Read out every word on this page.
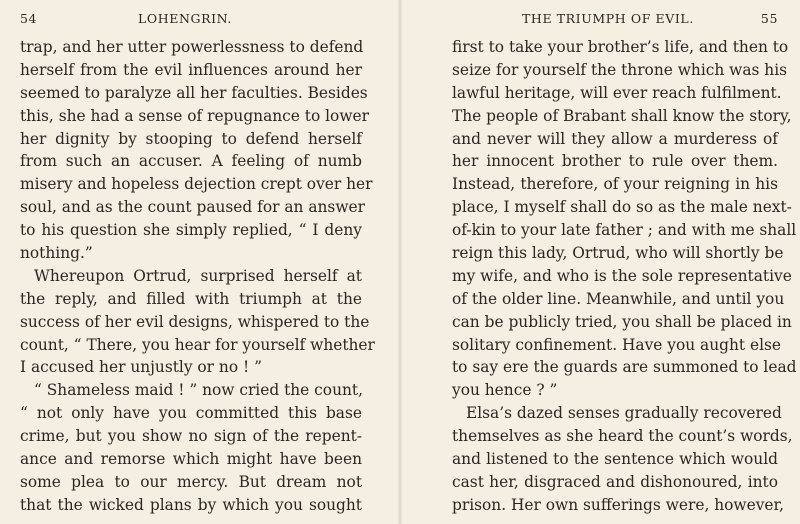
54	LOHENGRIN.
trap, and her utter powerlessness to defend
herself from the evil influences around her
seemed to paralyze all her faculties. Besides
this, she had a sense of repugnance to lower
her dignity by stooping to defend herself
from such an accuser. A feeling of numb
misery and hopeless dejection crept over her
soul, and as the count paused for an answer
to his question she simply replied, “ I deny
nothing.”
Whereupon Ortrud, surprised herself at
the reply, and filled with triumph at the
success of her evil designs, whispered to the
count, “ There, you hear for yourself whether
I accused her unjustly or no ! ”
“ Shameless maid ! ” now cried the count,
“ not only have you committed this base
crime, but you show no sign of the repent-
ance and remorse which might have been
some plea to our mercy. But dream not
that the wicked plans by which you sought
THE TRIUMPH OF EVIL.	55
first to take your brother’s life, and then to
seize for yourself the throne which was his
lawful heritage, will ever reach fulfilment.
The people of Brabant shall know the story,
and never will they allow a murderess of
her innocent brother to rule over them.
Instead, therefore, of your reigning in his
place, I myself shall do so as the male next-
of-kin to your late father ; and with me shall
reign this lady, Ortrud, who will shortly be
my wife, and who is the sole representative
of the older line. Meanwhile, and until you
can be publicly tried, you shall be placed in
solitary confinement. Have you aught else
to say ere the guards are summoned to lead
you hence ? ”
Elsa’s dazed senses gradually recovered
themselves as she heard the count’s words,
and listened to the sentence which would
cast her, disgraced and dishonoured, into
prison. Her own sufferings were, however,
